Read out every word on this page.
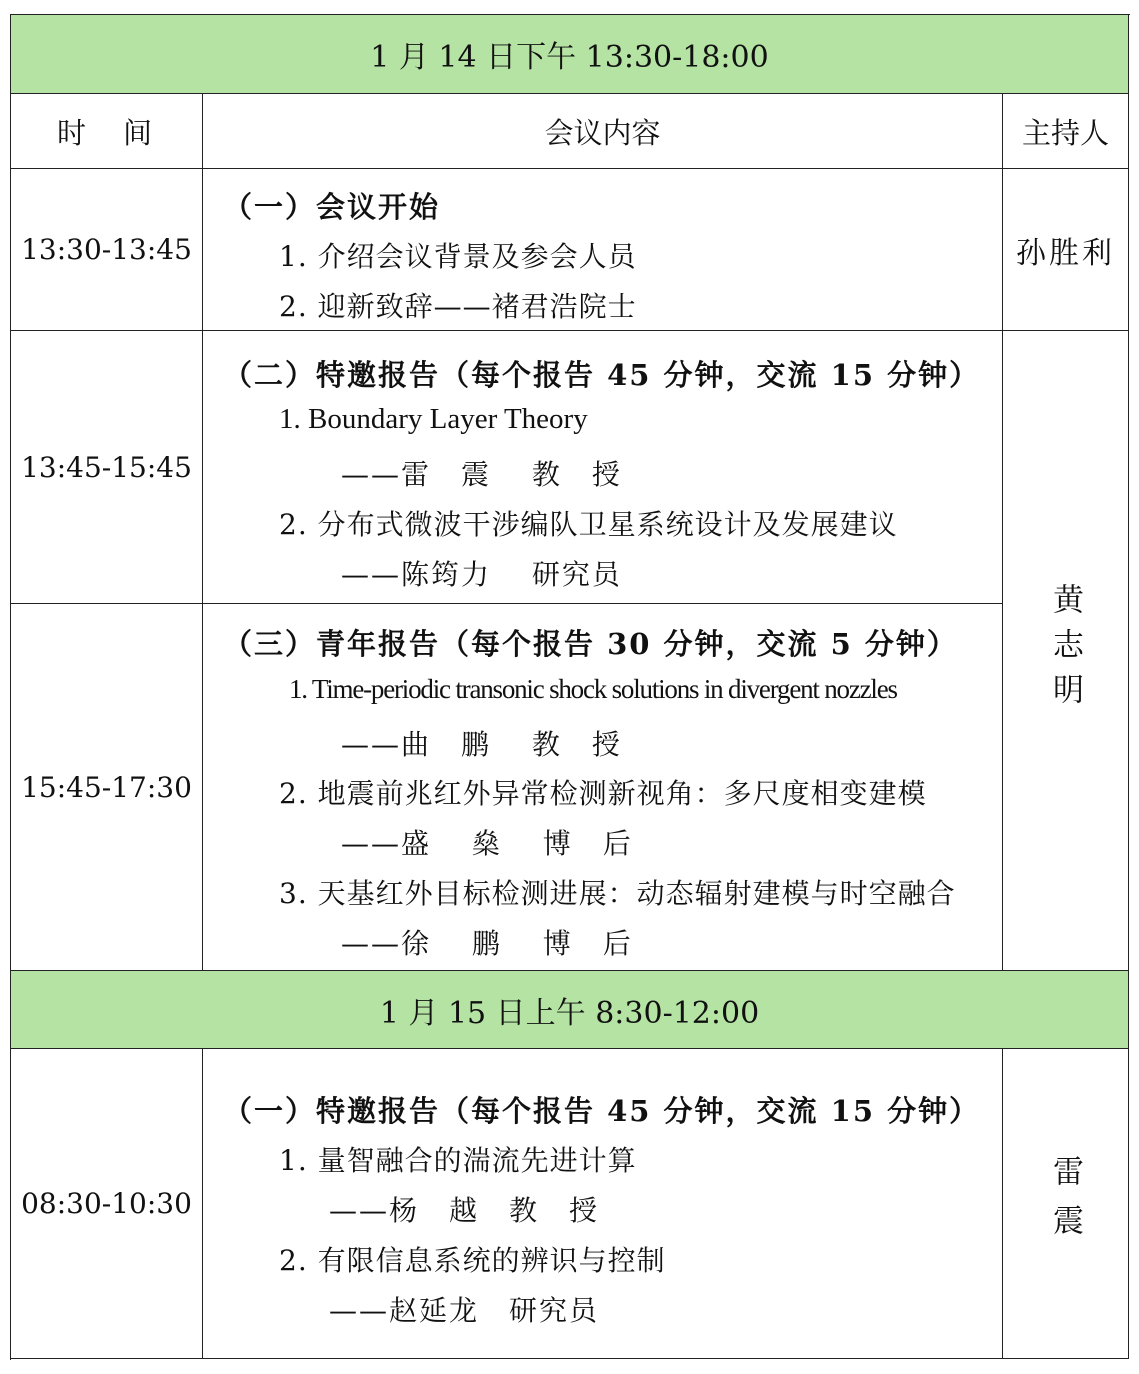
1 月 14 日下午 13:30-18:00
时　间	会议内容	主持人
13:30-13:45
（一）会议开始
1. 介绍会议背景及参会人员
2. 迎新致辞——褚君浩院士
孙胜利
13:45-15:45
（二）特邀报告（每个报告 45 分钟，交流 15 分钟）
1. Boundary Layer Theory
——雷　震　 教　授
2. 分布式微波干涉编队卫星系统设计及发展建议
——陈筠力　 研究员
黄志明
15:45-17:30
（三）青年报告（每个报告 30 分钟，交流 5 分钟）
1. Time-periodic transonic shock solutions in divergent nozzles
——曲　鹏　 教　授
2. 地震前兆红外异常检测新视角：多尺度相变建模
——盛　 燊　 博　后
3. 天基红外目标检测进展：动态辐射建模与时空融合
——徐　 鹏　 博　后
1 月 15 日上午 8:30-12:00
08:30-10:30
（一）特邀报告（每个报告 45 分钟，交流 15 分钟）
1. 量智融合的湍流先进计算
——杨　越　教　授
2. 有限信息系统的辨识与控制
——赵延龙　研究员
雷震
